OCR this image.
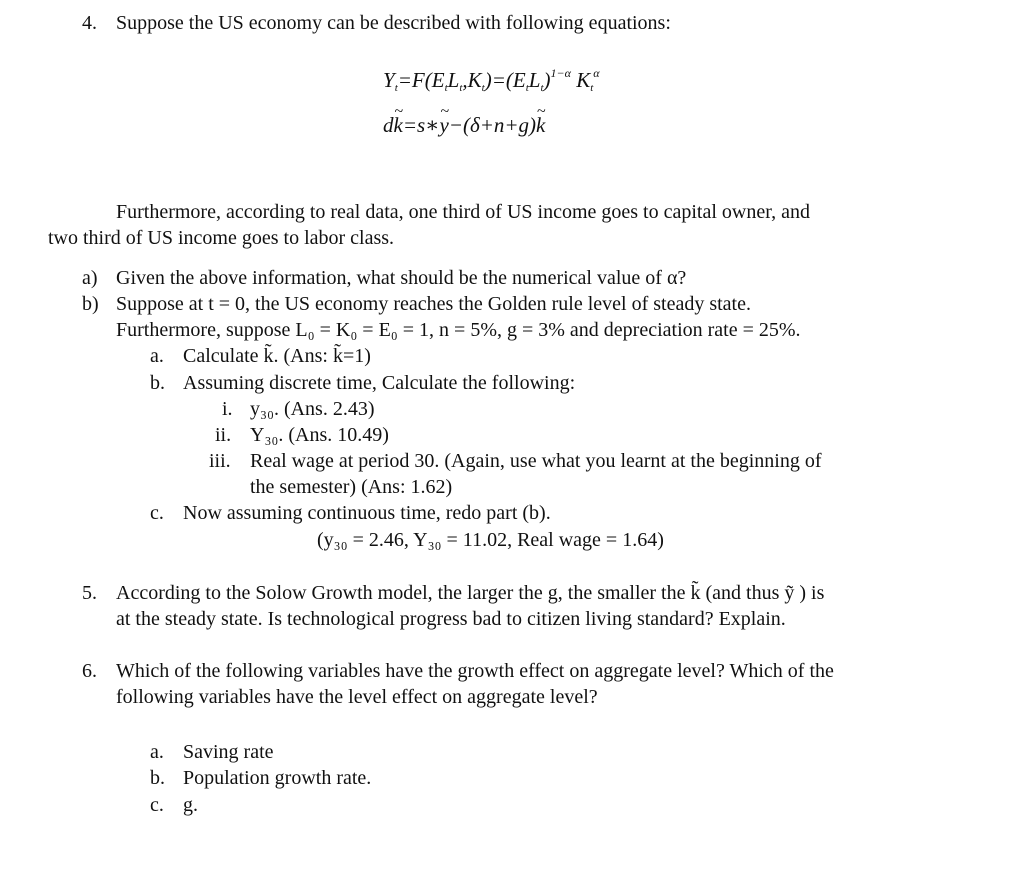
4. Suppose the US economy can be described with following equations:
$Y_t=F(E_tL_t,K_t)=(E_tL_t)^{1-\alpha}$ $K_t^\alpha$
d~ k=s∗~ y−(δ+n+g)~ k
Furthermore, according to real data, one third of US income goes to capital owner, and
two third of US income goes to labor class.
a) Given the above information, what should be the numerical value of α?
b) Suppose at t = 0, the US economy reaches the Golden rule level of steady state.
Furthermore, suppose L₀ = K₀ = E₀ = 1, n = 5%, g = 3% and depreciation rate = 25%.
a. Calculate k̃. (Ans: k̃=1)
b. Assuming discrete time, Calculate the following:
i. y₃₀. (Ans. 2.43)
ii. Y₃₀. (Ans. 10.49)
iii. Real wage at period 30. (Again, use what you learnt at the beginning of
the semester) (Ans: 1.62)
c. Now assuming continuous time, redo part (b).
(y₃₀ = 2.46, Y₃₀ = 11.02, Real wage = 1.64)
5. According to the Solow Growth model, the larger the g, the smaller the k̃ (and thus ỹ ) is
at the steady state. Is technological progress bad to citizen living standard? Explain.
6. Which of the following variables have the growth effect on aggregate level? Which of the
following variables have the level effect on aggregate level?
a. Saving rate
b. Population growth rate.
c. g.
